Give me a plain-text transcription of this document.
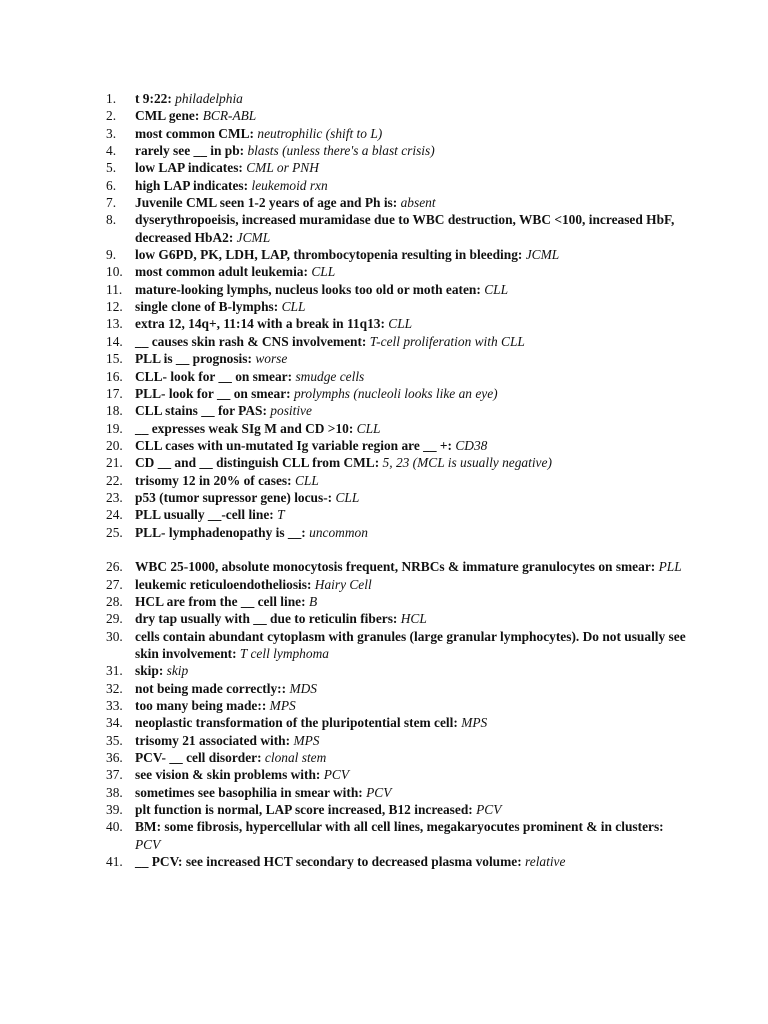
1. t 9:22: philadelphia
2. CML gene: BCR-ABL
3. most common CML: neutrophilic (shift to L)
4. rarely see __ in pb: blasts (unless there's a blast crisis)
5. low LAP indicates: CML or PNH
6. high LAP indicates: leukemoid rxn
7. Juvenile CML seen 1-2 years of age and Ph is: absent
8. dyserythropoeisis, increased muramidase due to WBC destruction, WBC <100, increased HbF, decreased HbA2: JCML
9. low G6PD, PK, LDH, LAP, thrombocytopenia resulting in bleeding: JCML
10. most common adult leukemia: CLL
11. mature-looking lymphs, nucleus looks too old or moth eaten: CLL
12. single clone of B-lymphs: CLL
13. extra 12, 14q+, 11:14 with a break in 11q13: CLL
14. __ causes skin rash & CNS involvement: T-cell proliferation with CLL
15. PLL is __ prognosis: worse
16. CLL- look for __ on smear: smudge cells
17. PLL- look for __ on smear: prolymphs (nucleoli looks like an eye)
18. CLL stains __ for PAS: positive
19. __ expresses weak SIg M and CD >10: CLL
20. CLL cases with un-mutated Ig variable region are __ +: CD38
21. CD __ and __ distinguish CLL from CML: 5, 23 (MCL is usually negative)
22. trisomy 12 in 20% of cases: CLL
23. p53 (tumor supressor gene) locus-: CLL
24. PLL usually __-cell line: T
25. PLL- lymphadenopathy is __: uncommon
26. WBC 25-1000, absolute monocytosis frequent, NRBCs & immature granulocytes on smear: PLL
27. leukemic reticuloendotheliosis: Hairy Cell
28. HCL are from the __ cell line: B
29. dry tap usually with __ due to reticulin fibers: HCL
30. cells contain abundant cytoplasm with granules (large granular lymphocytes). Do not usually see skin involvement: T cell lymphoma
31. skip: skip
32. not being made correctly:: MDS
33. too many being made:: MPS
34. neoplastic transformation of the pluripotential stem cell: MPS
35. trisomy 21 associated with: MPS
36. PCV- __ cell disorder: clonal stem
37. see vision & skin problems with: PCV
38. sometimes see basophilia in smear with: PCV
39. plt function is normal, LAP score increased, B12 increased: PCV
40. BM: some fibrosis, hypercellular with all cell lines, megakaryocutes prominent & in clusters: PCV
41. __ PCV: see increased HCT secondary to decreased plasma volume: relative
